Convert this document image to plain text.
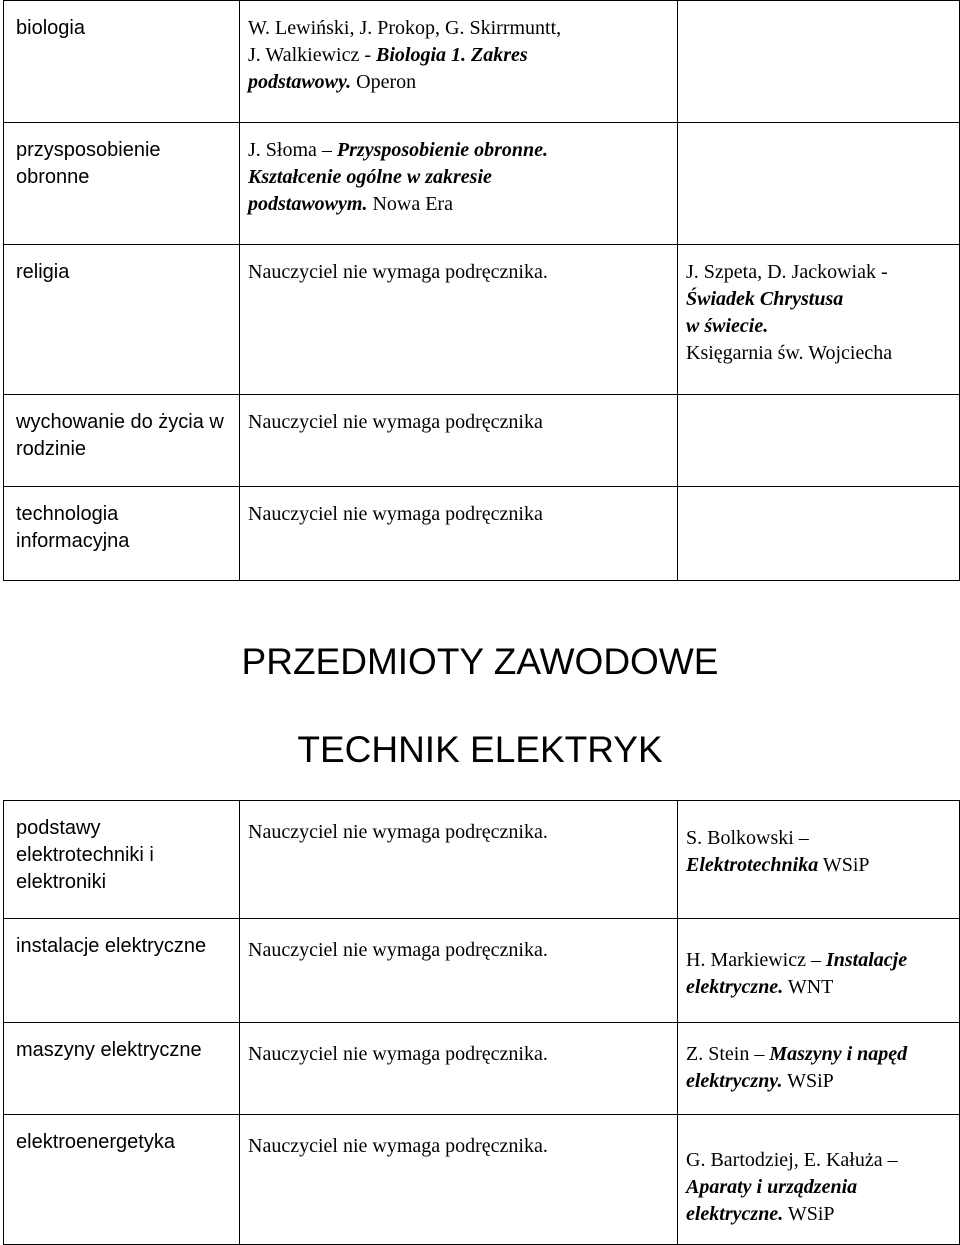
biologia	W. Lewiński, J. Prokop, G. Skirrmuntt,
J. Walkiewicz - Biologia 1. Zakres
podstawowy. Operon	

przysposobienie obronne	J. Słoma – Przysposobienie obronne.
Kształcenie ogólne w zakresie
podstawowym. Nowa Era	

religia	Nauczyciel nie wymaga podręcznika.	J. Szpeta, D. Jackowiak -
Świadek Chrystusa
w świecie.
Księgarnia św. Wojciecha

wychowanie do życia w rodzinie	Nauczyciel nie wymaga podręcznika	

technologia informacyjna	Nauczyciel nie wymaga podręcznika	

PRZEDMIOTY ZAWODOWE
TECHNIK ELEKTRYK
podstawy elektrotechniki i elektroniki	Nauczyciel nie wymaga podręcznika.	S. Bolkowski –
Elektrotechnika WSiP

instalacje elektryczne	Nauczyciel nie wymaga podręcznika.	H. Markiewicz – Instalacje
elektryczne. WNT

maszyny elektryczne	Nauczyciel nie wymaga podręcznika.	Z. Stein – Maszyny i napęd
elektryczny. WSiP

elektroenergetyka	Nauczyciel nie wymaga podręcznika.	G. Bartodziej, E. Kałuża –
Aparaty i urządzenia
elektryczne. WSiP
